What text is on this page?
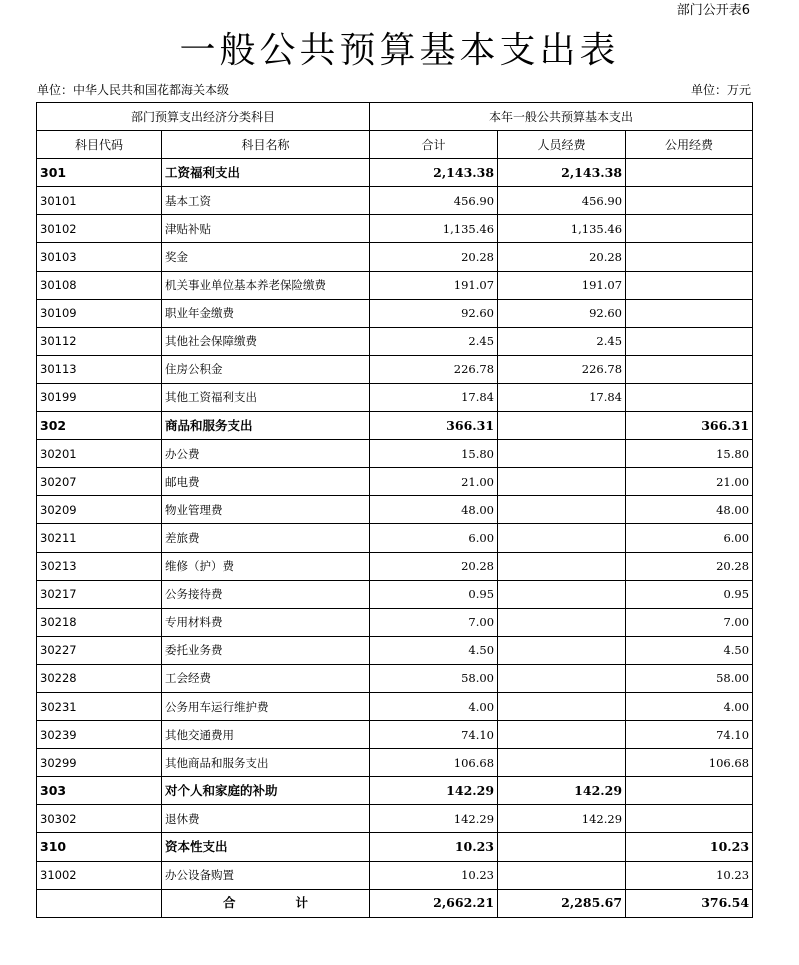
部门公开表6
一般公共预算基本支出表
单位：中华人民共和国花都海关本级	单位：万元
部门预算支出经济分类科目		本年一般公共预算基本支出		
科目代码	科目名称	合计	人员经费	公用经费
301	工资福利支出	2,143.38	2,143.38	
30101	基本工资	456.90	456.90	
30102	津贴补贴	1,135.46	1,135.46	
30103	奖金	20.28	20.28	
30108	机关事业单位基本养老保险缴费	191.07	191.07	
30109	职业年金缴费	92.60	92.60	
30112	其他社会保障缴费	2.45	2.45	
30113	住房公积金	226.78	226.78	
30199	其他工资福利支出	17.84	17.84	
302	商品和服务支出	366.31		366.31
30201	办公费	15.80		15.80
30207	邮电费	21.00		21.00
30209	物业管理费	48.00		48.00
30211	差旅费	6.00		6.00
30213	维修（护）费	20.28		20.28
30217	公务接待费	0.95		0.95
30218	专用材料费	7.00		7.00
30227	委托业务费	4.50		4.50
30228	工会经费	58.00		58.00
30231	公务用车运行维护费	4.00		4.00
30239	其他交通费用	74.10		74.10
30299	其他商品和服务支出	106.68		106.68
303	对个人和家庭的补助	142.29	142.29	
30302	退休费	142.29	142.29	
310	资本性支出	10.23		10.23
31002	办公设备购置	10.23		10.23
	合 计	2,662.21	2,285.67	376.54
